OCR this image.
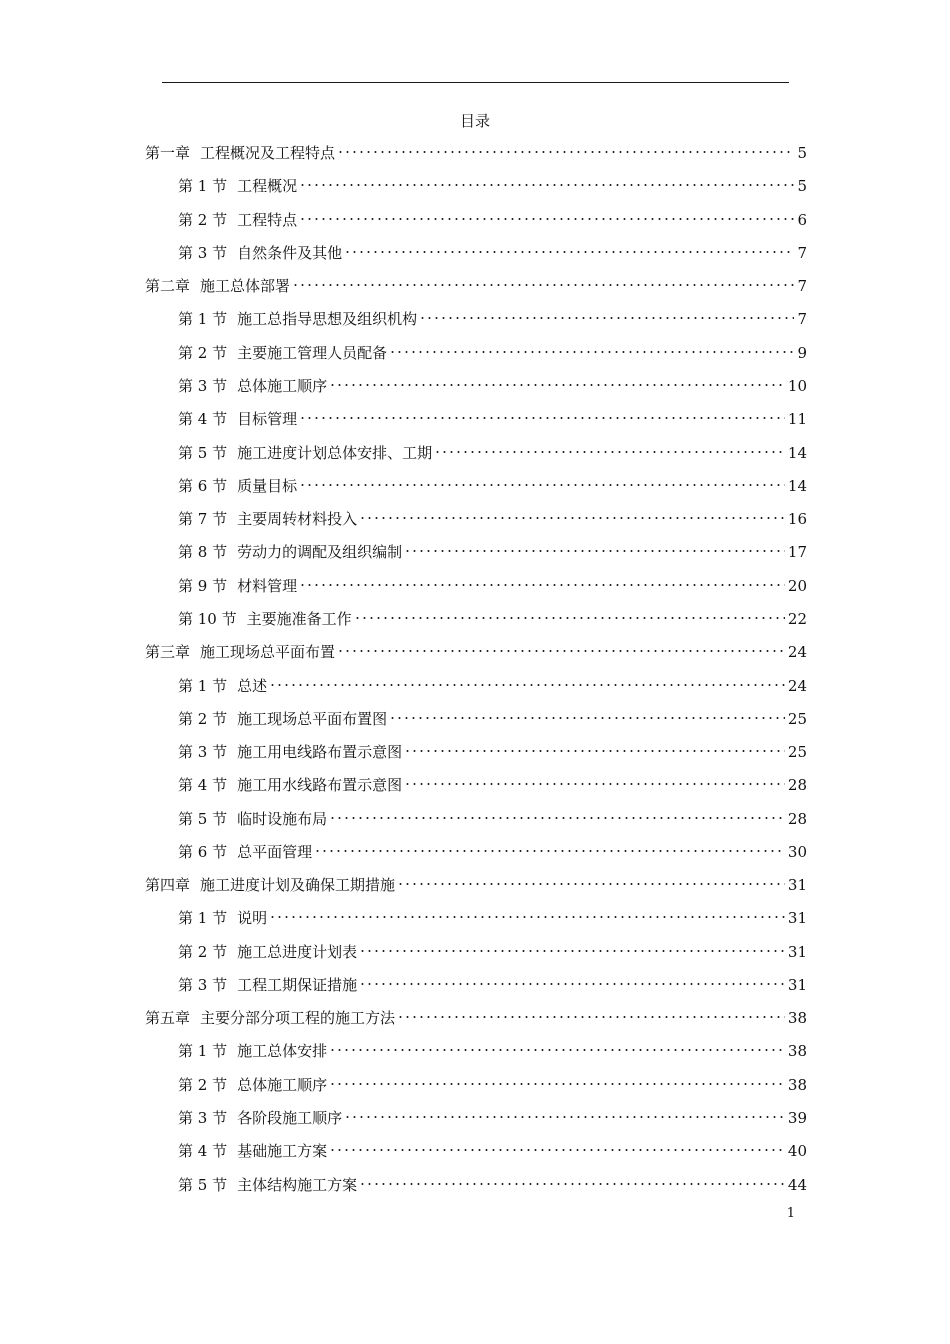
目录
第一章 工程概况及工程特点	5
第 1 节 工程概况	5
第 2 节 工程特点	6
第 3 节 自然条件及其他	7
第二章 施工总体部署	7
第 1 节 施工总指导思想及组织机构	7
第 2 节 主要施工管理人员配备	9
第 3 节 总体施工顺序	10
第 4 节 目标管理	11
第 5 节 施工进度计划总体安排、工期	14
第 6 节 质量目标	14
第 7 节 主要周转材料投入	16
第 8 节 劳动力的调配及组织编制	17
第 9 节 材料管理	20
第 10 节 主要施准备工作	22
第三章 施工现场总平面布置	24
第 1 节 总述	24
第 2 节 施工现场总平面布置图	25
第 3 节 施工用电线路布置示意图	25
第 4 节 施工用水线路布置示意图	28
第 5 节 临时设施布局	28
第 6 节 总平面管理	30
第四章 施工进度计划及确保工期措施	31
第 1 节 说明	31
第 2 节 施工总进度计划表	31
第 3 节 工程工期保证措施	31
第五章 主要分部分项工程的施工方法	38
第 1 节 施工总体安排	38
第 2 节 总体施工顺序	38
第 3 节 各阶段施工顺序	39
第 4 节 基础施工方案	40
第 5 节 主体结构施工方案	44
1
